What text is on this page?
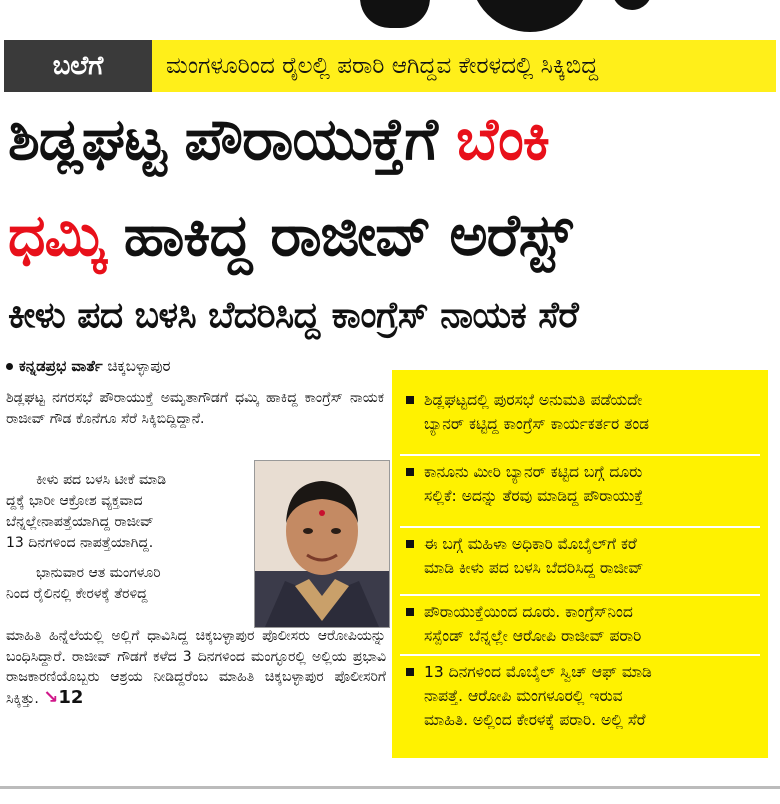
ಬಲೆಗೆ	ಮಂಗಳೂರಿಂದ ರೈಲಲ್ಲಿ ಪರಾರಿ ಆಗಿದ್ದವ ಕೇರಳದಲ್ಲಿ ಸಿಕ್ಕಿಬಿದ್ದ
ಶಿಡ್ಲಘಟ್ಟ ಪೌರಾಯುಕ್ತೆಗೆ ಬೆಂಕಿ
ಧಮ್ಕಿ ಹಾಕಿದ್ದ ರಾಜೀವ್ ಅರೆಸ್ಟ್
ಕೀಳು ಪದ ಬಳಸಿ ಬೆದರಿಸಿದ್ದ ಕಾಂಗ್ರೆಸ್ ನಾಯಕ ಸೆರೆ
ಕನ್ನಡಪ್ರಭ ವಾರ್ತೆ ಚಿಕ್ಕಬಳ್ಳಾಪುರ
ಶಿಡ್ಲಘಟ್ಟ ನಗರಸಭೆ ಪೌರಾಯುಕ್ತೆ ಅಮೃತಾಗೌಡಗೆ ಧಮ್ಕಿ ಹಾಕಿದ್ದ ಕಾಂಗ್ರೆಸ್ ನಾಯಕ ರಾಜೀವ್ ಗೌಡ ಕೊನೆಗೂ ಸೆರೆ ಸಿಕ್ಕಿಬಿದ್ದಿದ್ದಾನೆ.
ಕೀಳು ಪದ ಬಳಸಿ ಟೀಕೆ ಮಾಡಿ
ದ್ದಕ್ಕೆ ಭಾರೀ ಆಕ್ರೋಶ ವ್ಯಕ್ತವಾದ
ಬೆನ್ನಲ್ಲೇನಾಪತ್ತೆಯಾಗಿದ್ದ ರಾಜೀವ್
13 ದಿನಗಳಿಂದ ನಾಪತ್ತೆಯಾಗಿದ್ದ.
ಭಾನುವಾರ ಆತ ಮಂಗಳೂರಿ
ನಿಂದ ರೈಲಿನಲ್ಲಿ ಕೇರಳಕ್ಕೆ ತೆರಳಿದ್ದ
ಮಾಹಿತಿ ಹಿನ್ನೆಲೆಯಲ್ಲಿ ಅಲ್ಲಿಗೆ ಧಾವಿಸಿದ್ದ ಚಿಕ್ಕಬಳ್ಳಾಪುರ ಪೊಲೀಸರು ಆರೋಪಿಯನ್ನು ಬಂಧಿಸಿದ್ದಾರೆ. ರಾಜೀವ್ ಗೌಡಗೆ ಕಳೆದ 3 ದಿನಗಳಿಂದ ಮಂಗ್ಳೂರಲ್ಲಿ ಅಲ್ಲಿಯ ಪ್ರಭಾವಿ ರಾಜಕಾರಣಿಯೊಬ್ಬರು ಆಶ್ರಯ ನೀಡಿದ್ದರೆಂಬ ಮಾಹಿತಿ ಚಿಕ್ಕಬಳ್ಳಾಪುರ ಪೊಲೀಸರಿಗೆ ಸಿಕ್ಕಿತ್ತು. ↘12
ಶಿಡ್ಲಘಟ್ಟದಲ್ಲಿ ಪುರಸಭೆ ಅನುಮತಿ ಪಡೆಯದೇ
ಬ್ಯಾನರ್ ಕಟ್ಟಿದ್ದ ಕಾಂಗ್ರೆಸ್ ಕಾರ್ಯಕರ್ತರ ತಂಡ
ಕಾನೂನು ಮೀರಿ ಬ್ಯಾನರ್ ಕಟ್ಟಿದ ಬಗ್ಗೆ ದೂರು
ಸಲ್ಲಿಕೆ: ಅದನ್ನು ತೆರವು ಮಾಡಿದ್ದ ಪೌರಾಯುಕ್ತೆ
ಈ ಬಗ್ಗೆ ಮಹಿಳಾ ಅಧಿಕಾರಿ ಮೊಬೈಲ್‌ಗೆ ಕರೆ
ಮಾಡಿ ಕೀಳು ಪದ ಬಳಸಿ ಬೆದರಿಸಿದ್ದ ರಾಜೀವ್
ಪೌರಾಯುಕ್ತೆಯಿಂದ ದೂರು. ಕಾಂಗ್ರೆಸ್‌ನಿಂದ
ಸಸ್ಪೆಂಡ್ ಬೆನ್ನಲ್ಲೇ ಆರೋಪಿ ರಾಜೀವ್ ಪರಾರಿ
13 ದಿನಗಳಿಂದ ಮೊಬೈಲ್ ಸ್ವಿಚ್ ಆಫ್ ಮಾಡಿ
ನಾಪತ್ತೆ. ಆರೋಪಿ ಮಂಗಳೂರಲ್ಲಿ ಇರುವ
ಮಾಹಿತಿ. ಅಲ್ಲಿಂದ ಕೇರಳಕ್ಕೆ ಪರಾರಿ. ಅಲ್ಲಿ ಸೆರೆ
